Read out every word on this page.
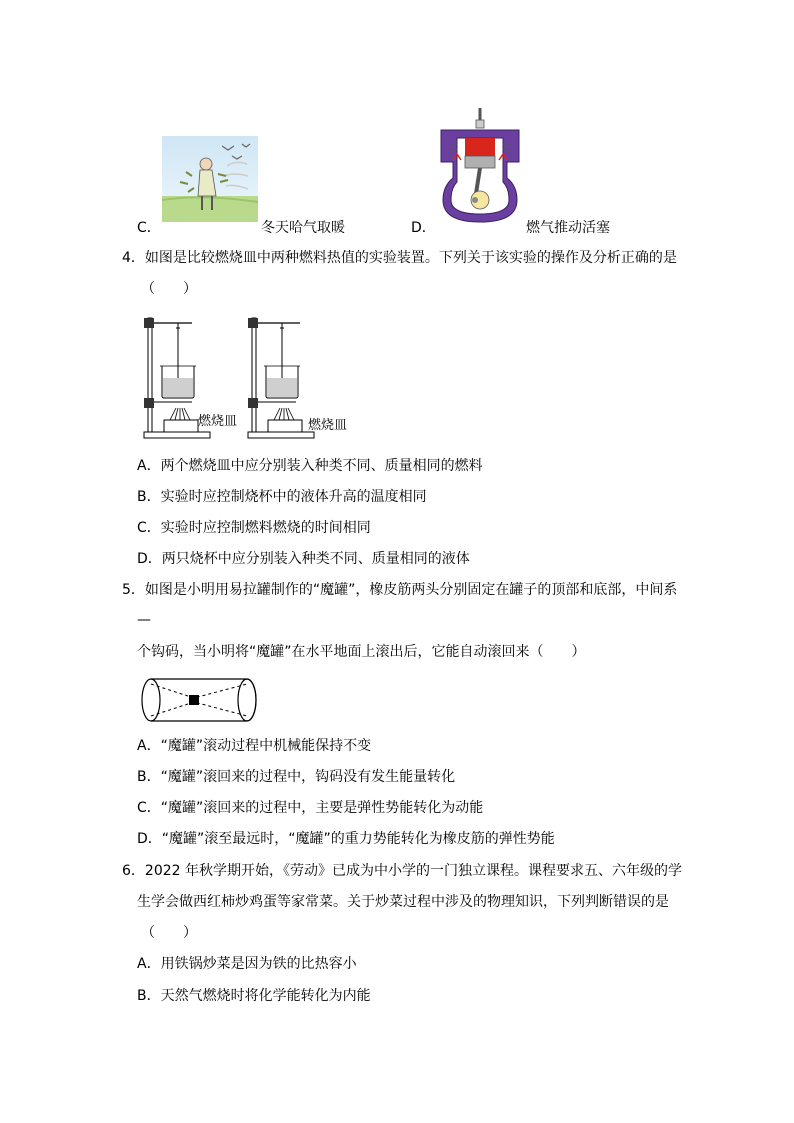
C．	冬天哈气取暖	D．	燃气推动活塞
4．如图是比较燃烧皿中两种燃料热值的实验装置。下列关于该实验的操作及分析正确的是
（　　）
燃烧皿	燃烧皿
A．两个燃烧皿中应分别装入种类不同、质量相同的燃料
B．实验时应控制烧杯中的液体升高的温度相同
C．实验时应控制燃料燃烧的时间相同
D．两只烧杯中应分别装入种类不同、质量相同的液体
5．如图是小明用易拉罐制作的“魔罐”，橡皮筋两头分别固定在罐子的顶部和底部，中间系
—
个钩码，当小明将“魔罐”在水平地面上滚出后，它能自动滚回来（　　）
A．“魔罐”滚动过程中机械能保持不变
B．“魔罐”滚回来的过程中，钩码没有发生能量转化
C．“魔罐”滚回来的过程中，主要是弹性势能转化为动能
D．“魔罐”滚至最远时，“魔罐”的重力势能转化为橡皮筋的弹性势能
6．2022 年秋学期开始，《劳动》已成为中小学的一门独立课程。课程要求五、六年级的学
生学会做西红柿炒鸡蛋等家常菜。关于炒菜过程中涉及的物理知识，下列判断错误的是
（　　）
A．用铁锅炒菜是因为铁的比热容小
B．天然气燃烧时将化学能转化为内能
